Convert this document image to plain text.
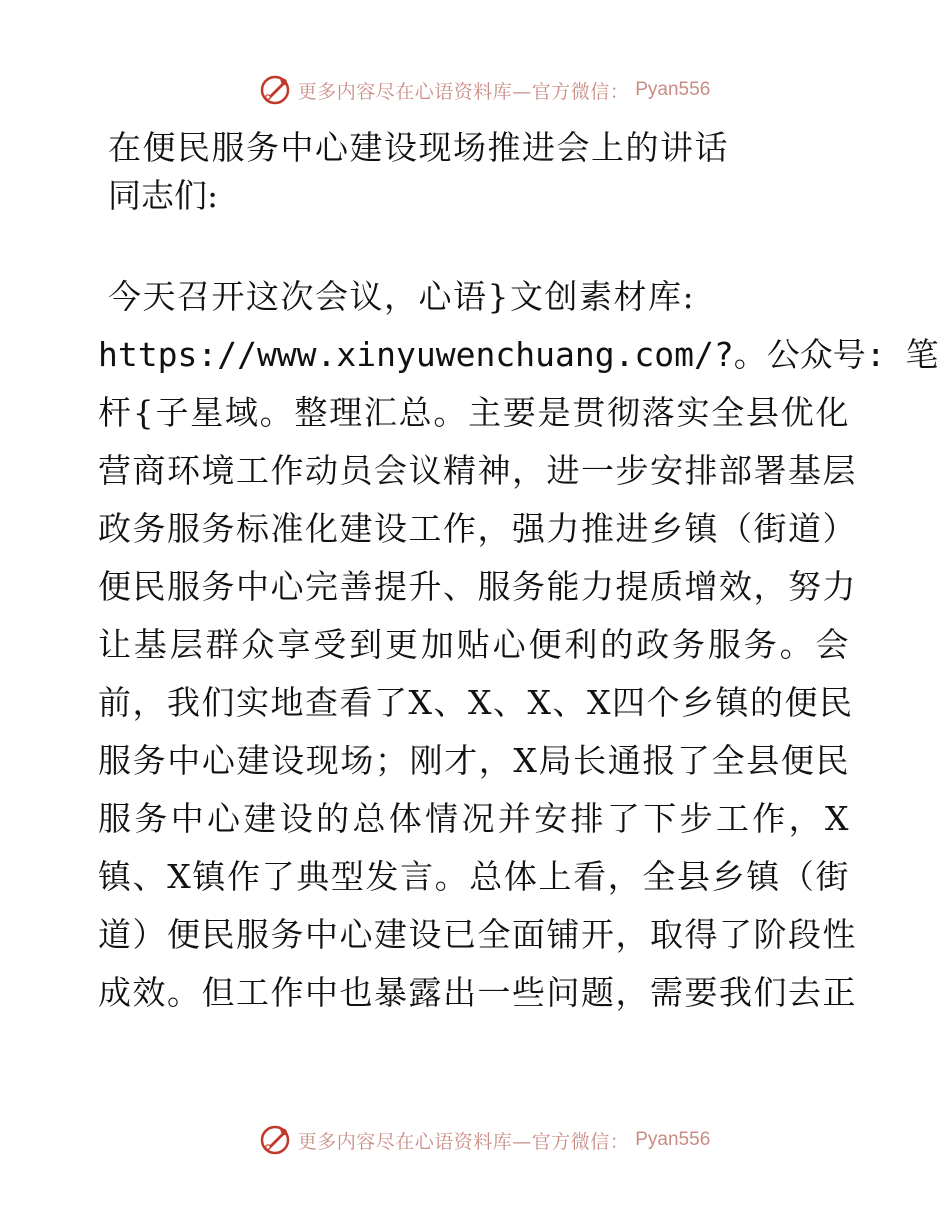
更多内容尽在心语资料库—官方微信： Pyan556
在便民服务中心建设现场推进会上的讲话
同志们:
今天召开这次会议，心语}文创素材库:
https://www.xinyuwenchuang.com/?。公众号: 笔
杆{子星域。整理汇总。主要是贯彻落实全县优化
营商环境工作动员会议精神，进一步安排部署基层
政务服务标准化建设工作，强力推进乡镇（街道）
便民服务中心完善提升、服务能力提质增效，努力
让基层群众享受到更加贴心便利的政务服务。会
前，我们实地查看了X、X、X、X四个乡镇的便民
服务中心建设现场；刚才，X局长通报了全县便民
服务中心建设的总体情况并安排了下步工作，X
镇、X镇作了典型发言。总体上看，全县乡镇（街
道）便民服务中心建设已全面铺开，取得了阶段性
成效。但工作中也暴露出一些问题，需要我们去正
更多内容尽在心语资料库—官方微信： Pyan556
